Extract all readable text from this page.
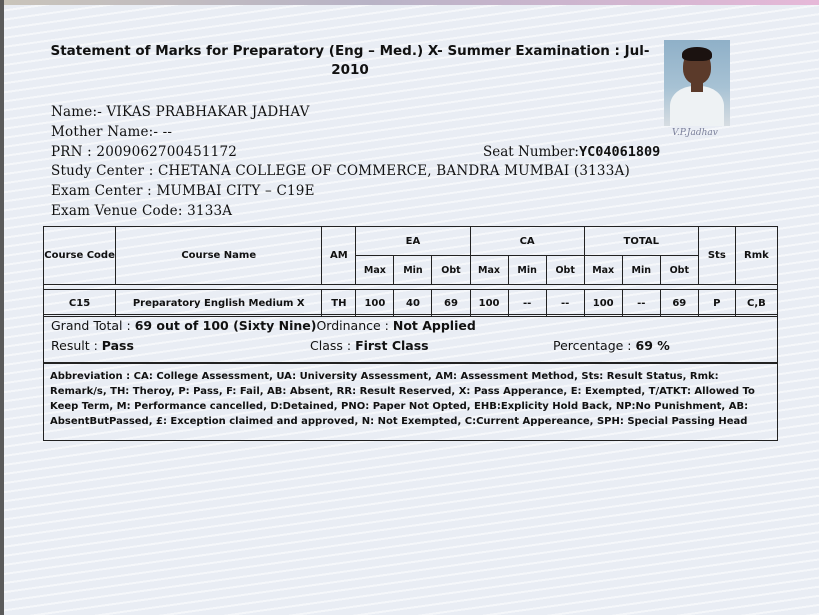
Statement of Marks for Preparatory (Eng – Med.) X- Summer Examination : Jul-2010
V.P.Jadhav
Name:- VIKAS PRABHAKAR JADHAV
Mother Name:- --
PRN : 2009062700451172	Seat Number:YC04061809
Study Center : CHETANA COLLEGE OF COMMERCE, BANDRA MUMBAI (3133A)
Exam Center : MUMBAI CITY – C19E
Exam Venue Code: 3133A
Course Code	Course Name	AM	EA			CA			TOTAL			Sts	Rmk
			Max	Min	Obt	Max	Min	Obt	Max	Min	Obt		

C15	Preparatory English Medium X	TH	100	40	69	100	--	--	100	--	69	P	C,B
Grand Total : 69 out of 100 (Sixty Nine)Ordinance : Not Applied
Result : Pass	Class : First Class	Percentage : 69 %
Abbreviation : CA: College Assessment, UA: University Assessment, AM: Assessment Method, Sts: Result Status, Rmk: Remark/s, TH: Theroy, P: Pass, F: Fail, AB: Absent, RR: Result Reserved, X: Pass Apperance, E: Exempted, T/ATKT: Allowed To Keep Term, M: Performance cancelled, D:Detained, PNO: Paper Not Opted, EHB:Explicity Hold Back, NP:No Punishment, AB: AbsentButPassed, £: Exception claimed and approved, N: Not Exempted, C:Current Appereance, SPH: Special Passing Head
